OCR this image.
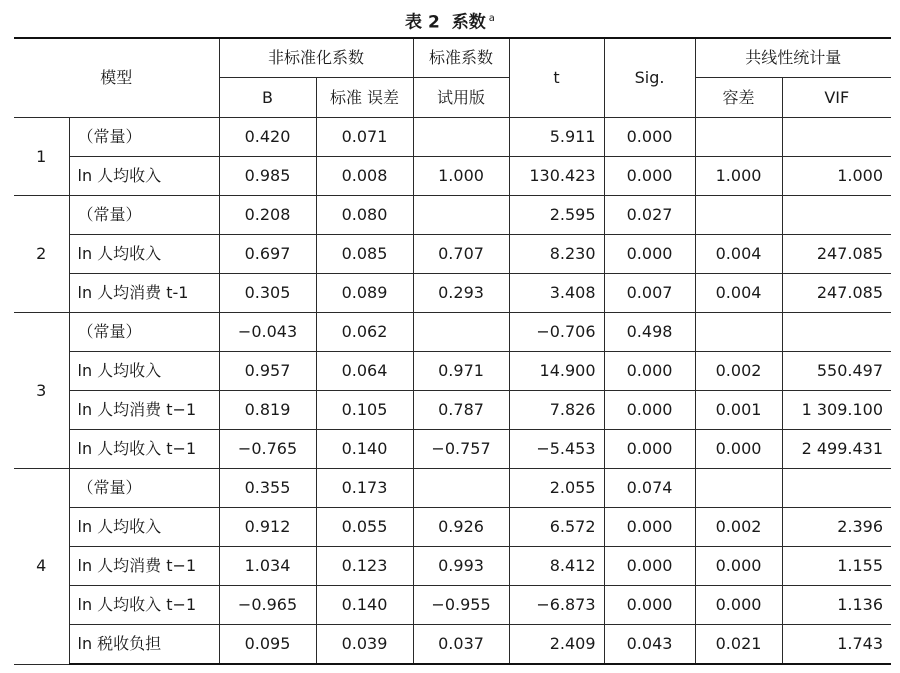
表 2 系数 $^a$
模型		非标准化系数		标准系数	t	Sig.	共线性统计量	
		B	标准 误差	试用版			容差	VIF
1	（常量）	0.420	0.071		5.911	0.000		
	ln 人均收入	0.985	0.008	1.000	130.423	0.000	1.000	1.000
2	（常量）	0.208	0.080		2.595	0.027		
	ln 人均收入	0.697	0.085	0.707	8.230	0.000	0.004	247.085
	ln 人均消费 t-1	0.305	0.089	0.293	3.408	0.007	0.004	247.085
3	（常量）	−0.043	0.062		−0.706	0.498		
	ln 人均收入	0.957	0.064	0.971	14.900	0.000	0.002	550.497
	ln 人均消费 t−1	0.819	0.105	0.787	7.826	0.000	0.001	1 309.100
	ln 人均收入 t−1	−0.765	0.140	−0.757	−5.453	0.000	0.000	2 499.431
4	（常量）	0.355	0.173		2.055	0.074		
	ln 人均收入	0.912	0.055	0.926	6.572	0.000	0.002	2.396
	ln 人均消费 t−1	1.034	0.123	0.993	8.412	0.000	0.000	1.155
	ln 人均收入 t−1	−0.965	0.140	−0.955	−6.873	0.000	0.000	1.136
	ln 税收负担	0.095	0.039	0.037	2.409	0.043	0.021	1.743
